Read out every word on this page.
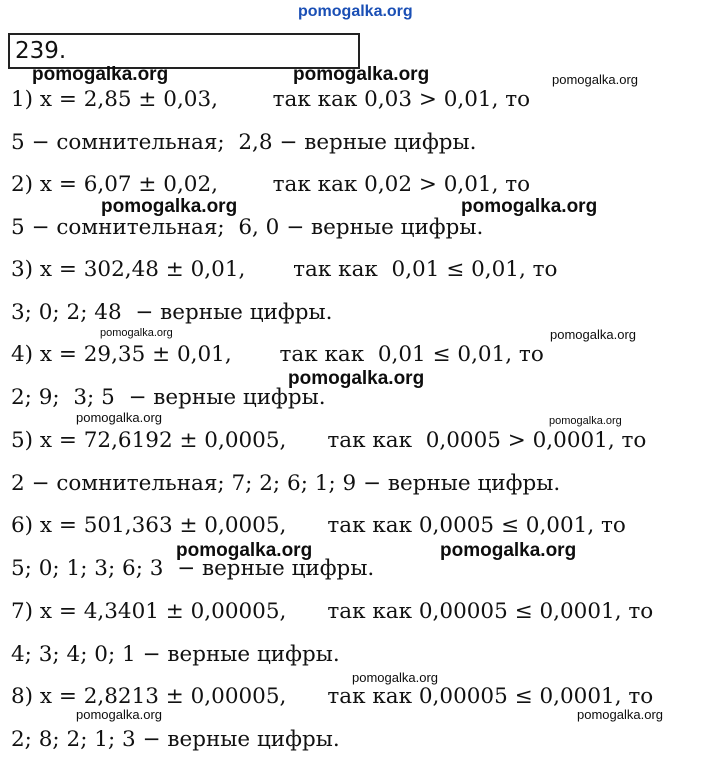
pomogalka.org
239.
1) x = 2,85 ± 0,03,        так как 0,03 > 0,01, то
5 − сомнительная;  2,8 − верные цифры.
2) x = 6,07 ± 0,02,        так как 0,02 > 0,01, то
5 − сомнительная;  6, 0 − верные цифры.
3) x = 302,48 ± 0,01,       так как  0,01 ≤ 0,01, то
3; 0; 2; 48  − верные цифры.
4) x = 29,35 ± 0,01,       так как  0,01 ≤ 0,01, то
2; 9;  3; 5  − верные цифры.
5) x = 72,6192 ± 0,0005,      так как  0,0005 > 0,0001, то
2 − сомнительная; 7; 2; 6; 1; 9 − верные цифры.
6) x = 501,363 ± 0,0005,      так как 0,0005 ≤ 0,001, то
5; 0; 1; 3; 6; 3  − верные цифры.
7) x = 4,3401 ± 0,00005,      так как 0,00005 ≤ 0,0001, то
4; 3; 4; 0; 1 − верные цифры.
8) x = 2,8213 ± 0,00005,      так как 0,00005 ≤ 0,0001, то
2; 8; 2; 1; 3 − верные цифры.
pomogalka.org	pomogalka.org	pomogalka.org
pomogalka.org	pomogalka.org
pomogalka.org	pomogalka.org
pomogalka.org
pomogalka.org	pomogalka.org
pomogalka.org	pomogalka.org
pomogalka.org
pomogalka.org	pomogalka.org
